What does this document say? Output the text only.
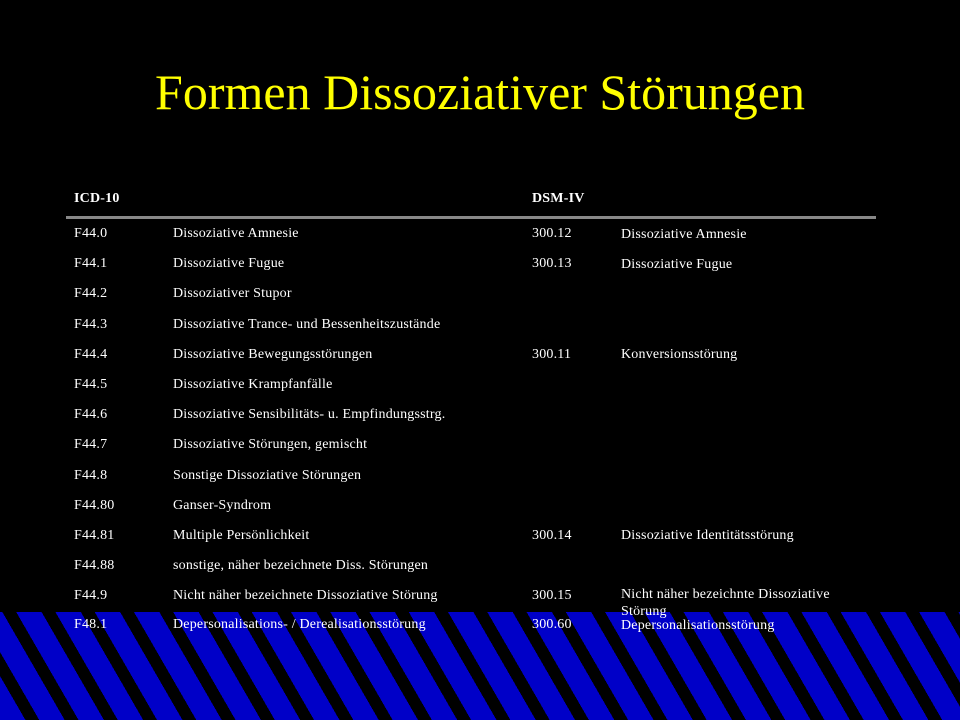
Formen Dissoziativer Störungen
ICD-10	DSM-IV
F44.0	Dissoziative Amnesie	300.12	Dissoziative Amnesie
F44.1	Dissoziative Fugue	300.13	Dissoziative Fugue
F44.2	Dissoziativer Stupor
F44.3	Dissoziative Trance- und Bessenheitszustände
F44.4	Dissoziative Bewegungsstörungen	300.11	Konversionsstörung
F44.5	Dissoziative Krampfanfälle
F44.6	Dissoziative Sensibilitäts- u. Empfindungsstrg.
F44.7	Dissoziative Störungen, gemischt
F44.8	Sonstige Dissoziative Störungen
F44.80	Ganser-Syndrom
F44.81	Multiple Persönlichkeit	300.14	Dissoziative Identitätsstörung
F44.88	sonstige, näher bezeichnete Diss. Störungen
F44.9	Nicht näher bezeichnete Dissoziative Störung	300.15	Nicht näher bezeichnte Dissoziative Störung
F48.1	Depersonalisations- / Derealisationsstörung	300.60	Depersonalisationsstörung
